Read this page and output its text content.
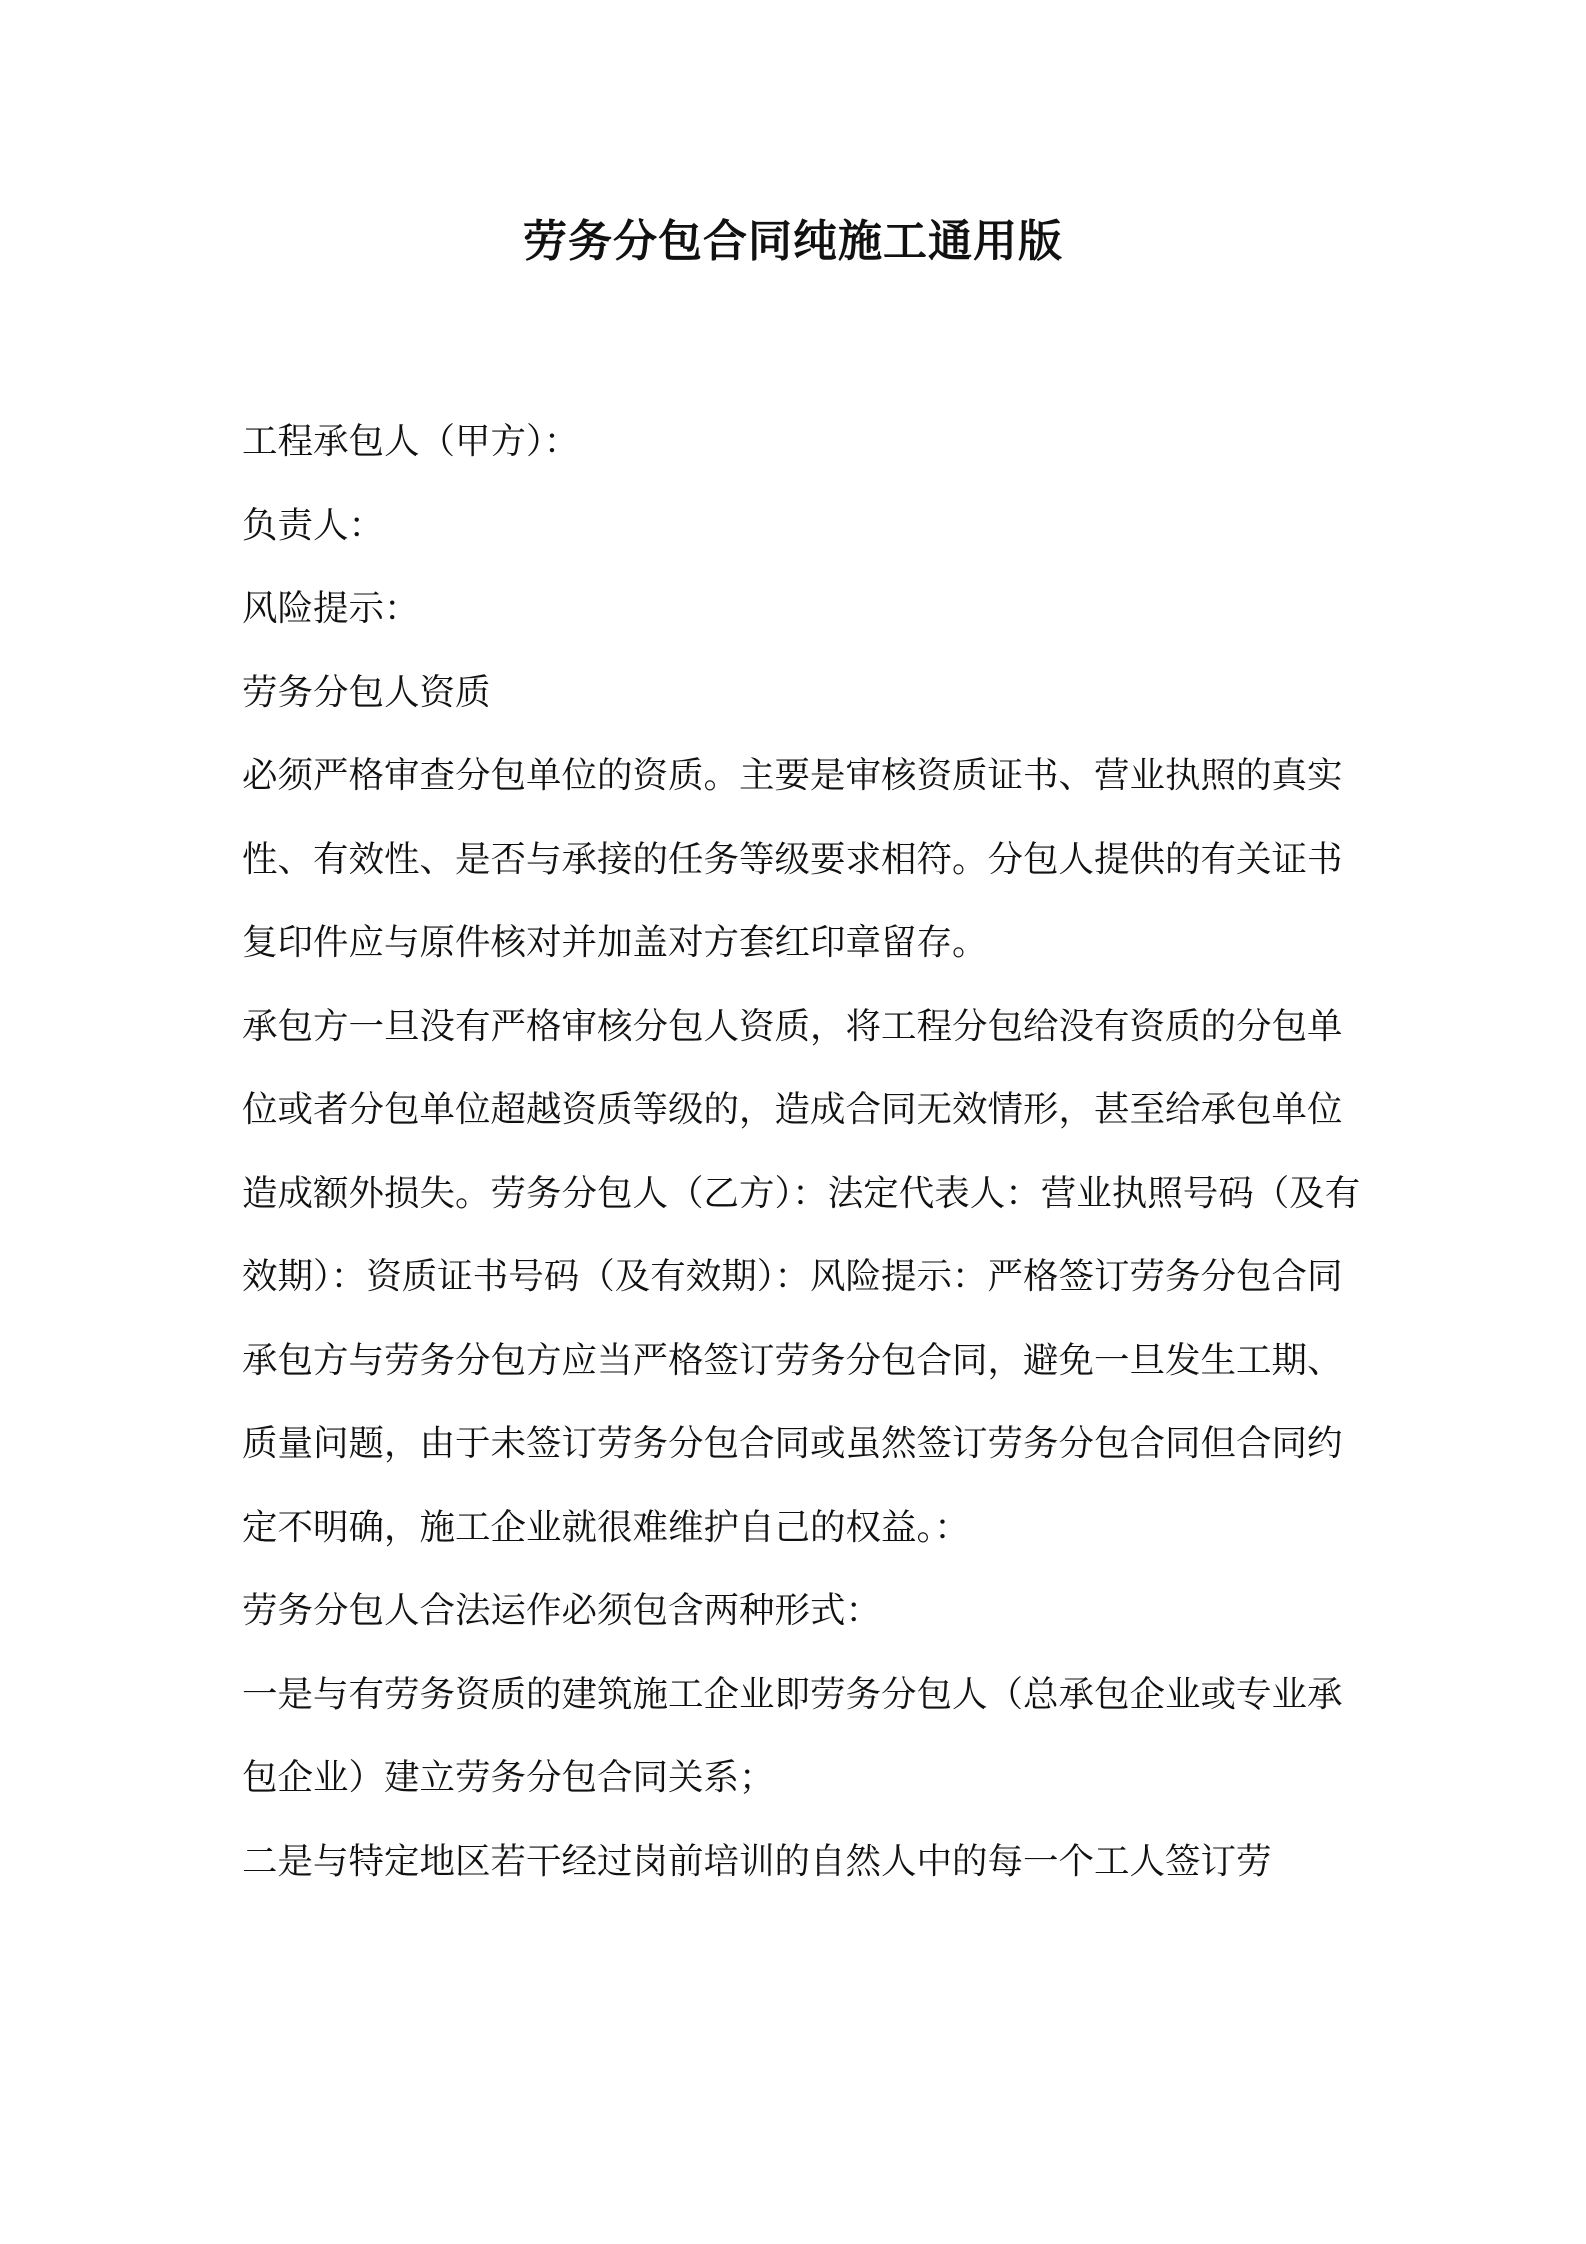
劳务分包合同纯施工通用版

工程承包人（甲方）：

负责人：

风险提示：

劳务分包人资质

必须严格审查分包单位的资质。主要是审核资质证书、营业执照的真实性、有效性、是否与承接的任务等级要求相符。分包人提供的有关证书复印件应与原件核对并加盖对方套红印章留存。

承包方一旦没有严格审核分包人资质，将工程分包给没有资质的分包单位或者分包单位超越资质等级的，造成合同无效情形，甚至给承包单位造成额外损失。劳务分包人（乙方）：法定代表人：营业执照号码（及有效期）：资质证书号码（及有效期）：风险提示：严格签订劳务分包合同

承包方与劳务分包方应当严格签订劳务分包合同，避免一旦发生工期、质量问题，由于未签订劳务分包合同或虽然签订劳务分包合同但合同约定不明确，施工企业就很难维护自己的权益。：

劳务分包人合法运作必须包含两种形式：

一是与有劳务资质的建筑施工企业即劳务分包人（总承包企业或专业承包企业）建立劳务分包合同关系；

二是与特定地区若干经过岗前培训的自然人中的每一个工人签订劳
